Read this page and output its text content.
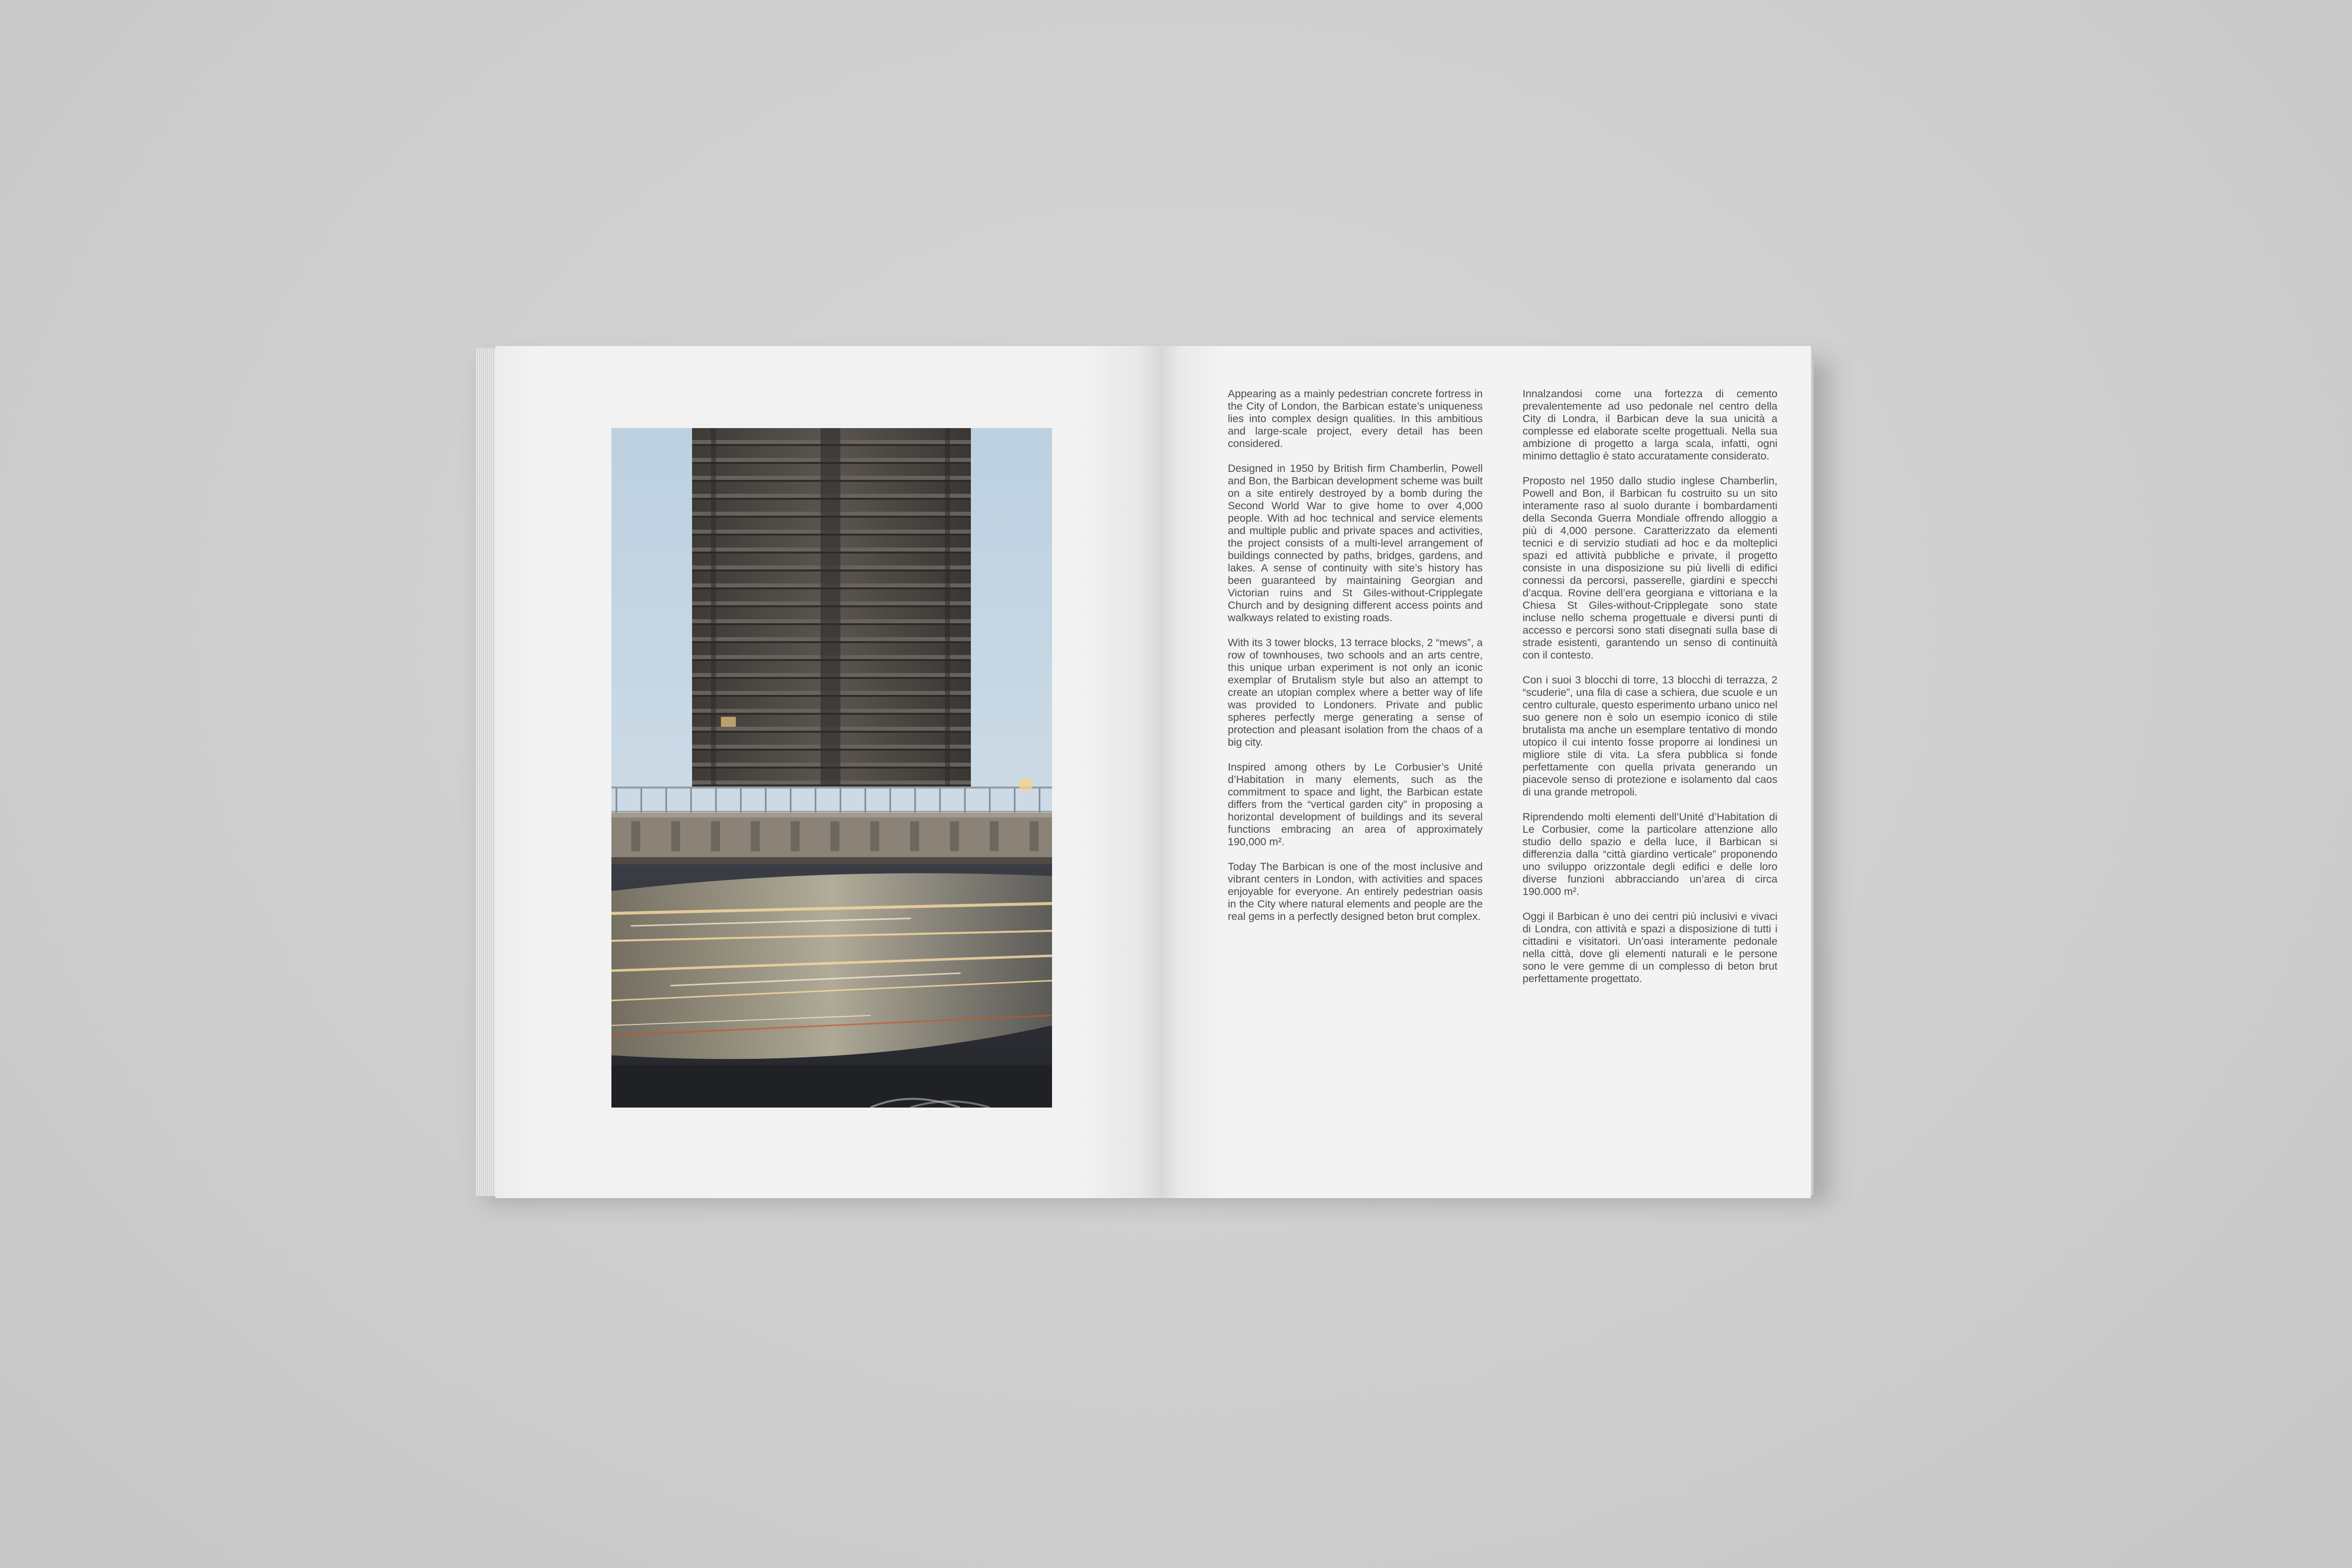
Appearing as a mainly pedestrian concrete fortress in the City of London, the Barbican estate’s uniqueness lies into complex design qualities. In this ambitious and large-scale project, every detail has been considered.

Designed in 1950 by British firm Chamberlin, Powell and Bon, the Barbican development scheme was built on a site entirely destroyed by a bomb during the Second World War to give home to over 4,000 people. With ad hoc technical and service elements and multiple public and private spaces and activities, the project consists of a multi-level arrangement of buildings connected by paths, bridges, gardens, and lakes. A sense of continuity with site’s history has been guaranteed by maintaining Georgian and Victorian ruins and St Giles-without-Cripplegate Church and by designing different access points and walkways related to existing roads.

With its 3 tower blocks, 13 terrace blocks, 2 “mews”, a row of townhouses, two schools and an arts centre, this unique urban experiment is not only an iconic exemplar of Brutalism style but also an attempt to create an utopian complex where a better way of life was provided to Londoners. Private and public spheres perfectly merge generating a sense of protection and pleasant isolation from the chaos of a big city.

Inspired among others by Le Corbusier’s Unité d’Habitation in many elements, such as the commitment to space and light, the Barbican estate differs from the “vertical garden city” in proposing a horizontal development of buildings and its several functions embracing an area of approximately 190,000 m².

Today The Barbican is one of the most inclusive and vibrant centers in London, with activities and spaces enjoyable for everyone. An entirely pedestrian oasis in the City where natural elements and people are the real gems in a perfectly designed beton brut complex.

Innalzandosi come una fortezza di cemento prevalentemente ad uso pedonale nel centro della City di Londra, il Barbican deve la sua unicità a complesse ed elaborate scelte progettuali. Nella sua ambizione di progetto a larga scala, infatti, ogni minimo dettaglio è stato accuratamente considerato.

Proposto nel 1950 dallo studio inglese Chamberlin, Powell and Bon, il Barbican fu costruito su un sito interamente raso al suolo durante i bombardamenti della Seconda Guerra Mondiale offrendo alloggio a più di 4,000 persone. Caratterizzato da elementi tecnici e di servizio studiati ad hoc e da molteplici spazi ed attività pubbliche e private, il progetto consiste in una disposizione su più livelli di edifici connessi da percorsi, passerelle, giardini e specchi d’acqua. Rovine dell’era georgiana e vittoriana e la Chiesa St Giles-without-Cripplegate sono state incluse nello schema progettuale e diversi punti di accesso e percorsi sono stati disegnati sulla base di strade esistenti, garantendo un senso di continuità con il contesto.

Con i suoi 3 blocchi di torre, 13 blocchi di terrazza, 2 “scuderie”, una fila di case a schiera, due scuole e un centro culturale, questo esperimento urbano unico nel suo genere non è solo un esempio iconico di stile brutalista ma anche un esemplare tentativo di mondo utopico il cui intento fosse proporre ai londinesi un migliore stile di vita. La sfera pubblica si fonde perfettamente con quella privata generando un piacevole senso di protezione e isolamento dal caos di una grande metropoli.

Riprendendo molti elementi dell’Unité d’Habitation di Le Corbusier, come la particolare attenzione allo studio dello spazio e della luce, il Barbican si differenzia dalla “città giardino verticale” proponendo uno sviluppo orizzontale degli edifici e delle loro diverse funzioni abbracciando un’area di circa 190.000 m².

Oggi il Barbican è uno dei centri più inclusivi e vivaci di Londra, con attività e spazi a disposizione di tutti i cittadini e visitatori. Un’oasi interamente pedonale nella città, dove gli elementi naturali e le persone sono le vere gemme di un complesso di beton brut perfettamente progettato.
